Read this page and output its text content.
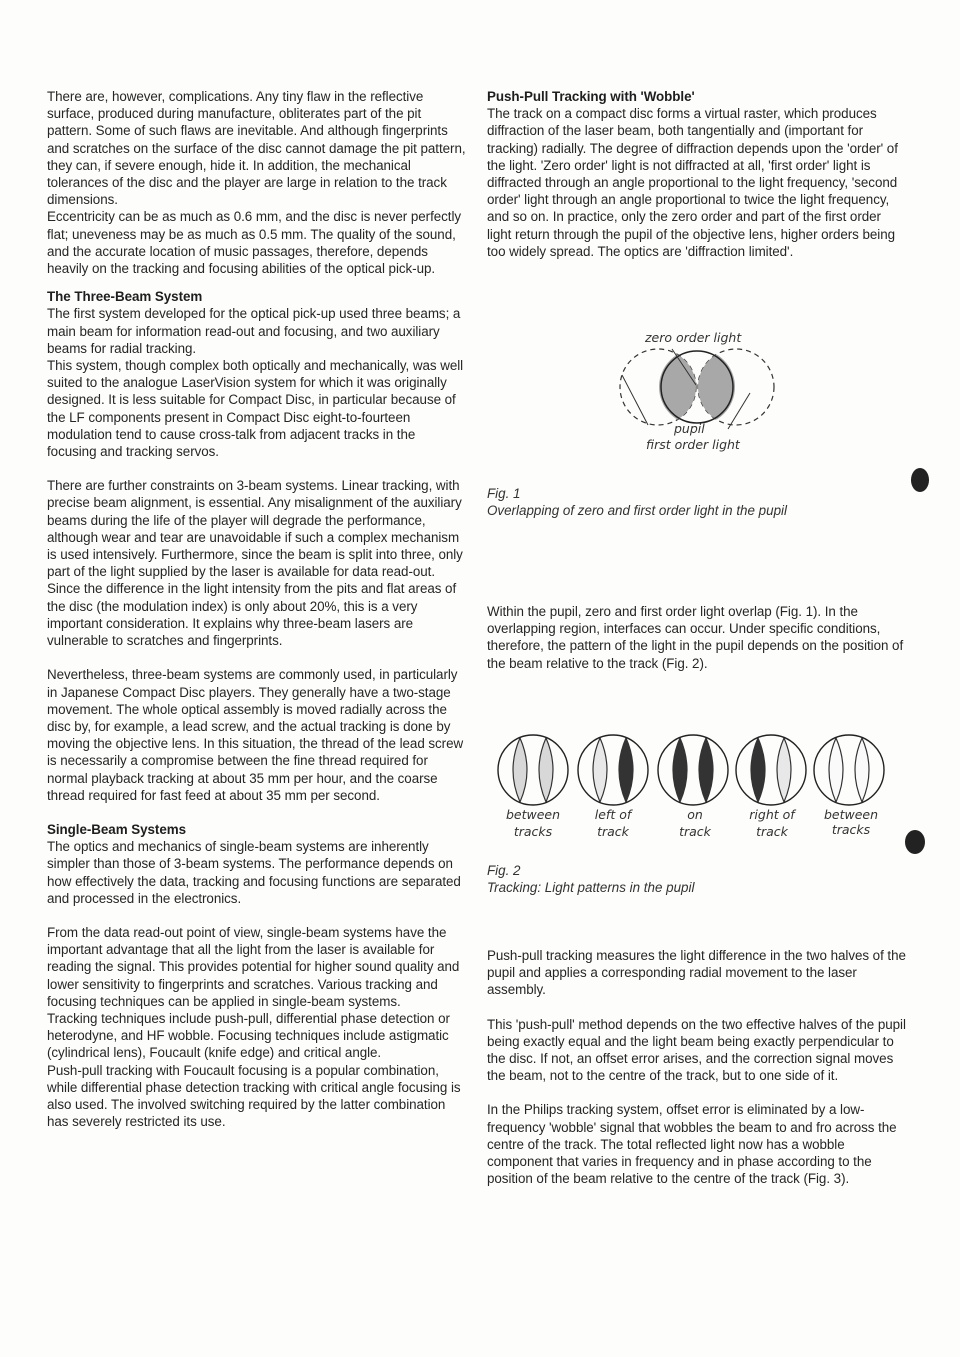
There are, however, complications. Any tiny flaw in the reflective surface, produced during manufacture, obliterates part of the pit pattern. Some of such flaws are inevitable. And although fingerprints and scratches on the surface of the disc cannot damage the pit pattern, they can, if severe enough, hide it. In addition, the mechanical tolerances of the disc and the player are large in relation to the track dimensions.

Eccentricity can be as much as 0.6 mm, and the disc is never perfectly flat; uneveness may be as much as 0.5 mm. The quality of the sound, and the accurate location of music passages, therefore, depends heavily on the tracking and focusing abilities of the optical pick-up.

The Three-Beam System

The first system developed for the optical pick-up used three beams; a main beam for information read-out and focusing, and two auxiliary beams for radial tracking.

This system, though complex both optically and mechanically, was well suited to the analogue LaserVision system for which it was originally designed. It is less suitable for Compact Disc, in particular because of the LF components present in Compact Disc eight-to-fourteen modulation tend to cause cross-talk from adjacent tracks in the focusing and tracking servos.

There are further constraints on 3-beam systems. Linear tracking, with precise beam alignment, is essential. Any misalignment of the auxiliary beams during the life of the player will degrade the performance, although wear and tear are unavoidable if such a complex mechanism is used intensively. Furthermore, since the beam is split into three, only part of the light supplied by the laser is available for data read-out. Since the difference in the light intensity from the pits and flat areas of the disc (the modulation index) is only about 20%, this is a very important consideration. It explains why three-beam lasers are vulnerable to scratches and fingerprints.

Nevertheless, three-beam systems are commonly used, in particularly in Japanese Compact Disc players. They generally have a two-stage movement. The whole optical assembly is moved radially across the disc by, for example, a lead screw, and the actual tracking is done by moving the objective lens. In this situation, the thread of the lead screw is necessarily a compromise between the fine thread required for normal playback tracking at about 35 mm per hour, and the coarse thread required for fast feed at about 35 mm per second.

Single-Beam Systems

The optics and mechanics of single-beam systems are inherently simpler than those of 3-beam systems. The performance depends on how effectively the data, tracking and focusing functions are separated and processed in the electronics.

From the data read-out point of view, single-beam systems have the important advantage that all the light from the laser is available for reading the signal. This provides potential for higher sound quality and lower sensitivity to fingerprints and scratches. Various tracking and focusing techniques can be applied in single-beam systems.

Tracking techniques include push-pull, differential phase detection or heterodyne, and HF wobble. Focusing techniques include astigmatic (cylindrical lens), Foucault (knife edge) and critical angle.

Push-pull tracking with Foucault focusing is a popular combination, while differential phase detection tracking with critical angle focusing is also used. The involved switching required by the latter combination has severely restricted its use.

Push-Pull Tracking with 'Wobble'

The track on a compact disc forms a virtual raster, which produces diffraction of the laser beam, both tangentially and (important for tracking) radially. The degree of diffraction depends upon the 'order' of the light. 'Zero order' light is not diffracted at all, 'first order' light is diffracted through an angle proportional to the light frequency, 'second order' light through an angle proportional to twice the light frequency, and so on. In practice, only the zero order and part of the first order light return through the pupil of the objective lens, higher orders being too widely spread. The optics are 'diffraction limited'.

zero order light
pupil
first order light
Fig. 1
Overlapping of zero and first order light in the pupil

Within the pupil, zero and first order light overlap (Fig. 1). In the overlapping region, interfaces can occur. Under specific conditions, therefore, the pattern of the light in the pupil depends on the position of the beam relative to the track (Fig. 2).

between
tracks
left of
track
on
track
right of
track
between
tracks
Fig. 2
Tracking: Light patterns in the pupil

Push-pull tracking measures the light difference in the two halves of the pupil and applies a corresponding radial movement to the laser assembly.

This 'push-pull' method depends on the two effective halves of the pupil being exactly equal and the light beam being exactly perpendicular to the disc. If not, an offset error arises, and the correction signal moves the beam, not to the centre of the track, but to one side of it.

In the Philips tracking system, offset error is eliminated by a low-frequency 'wobble' signal that wobbles the beam to and fro across the centre of the track. The total reflected light now has a wobble component that varies in frequency and in phase according to the position of the beam relative to the centre of the track (Fig. 3).
